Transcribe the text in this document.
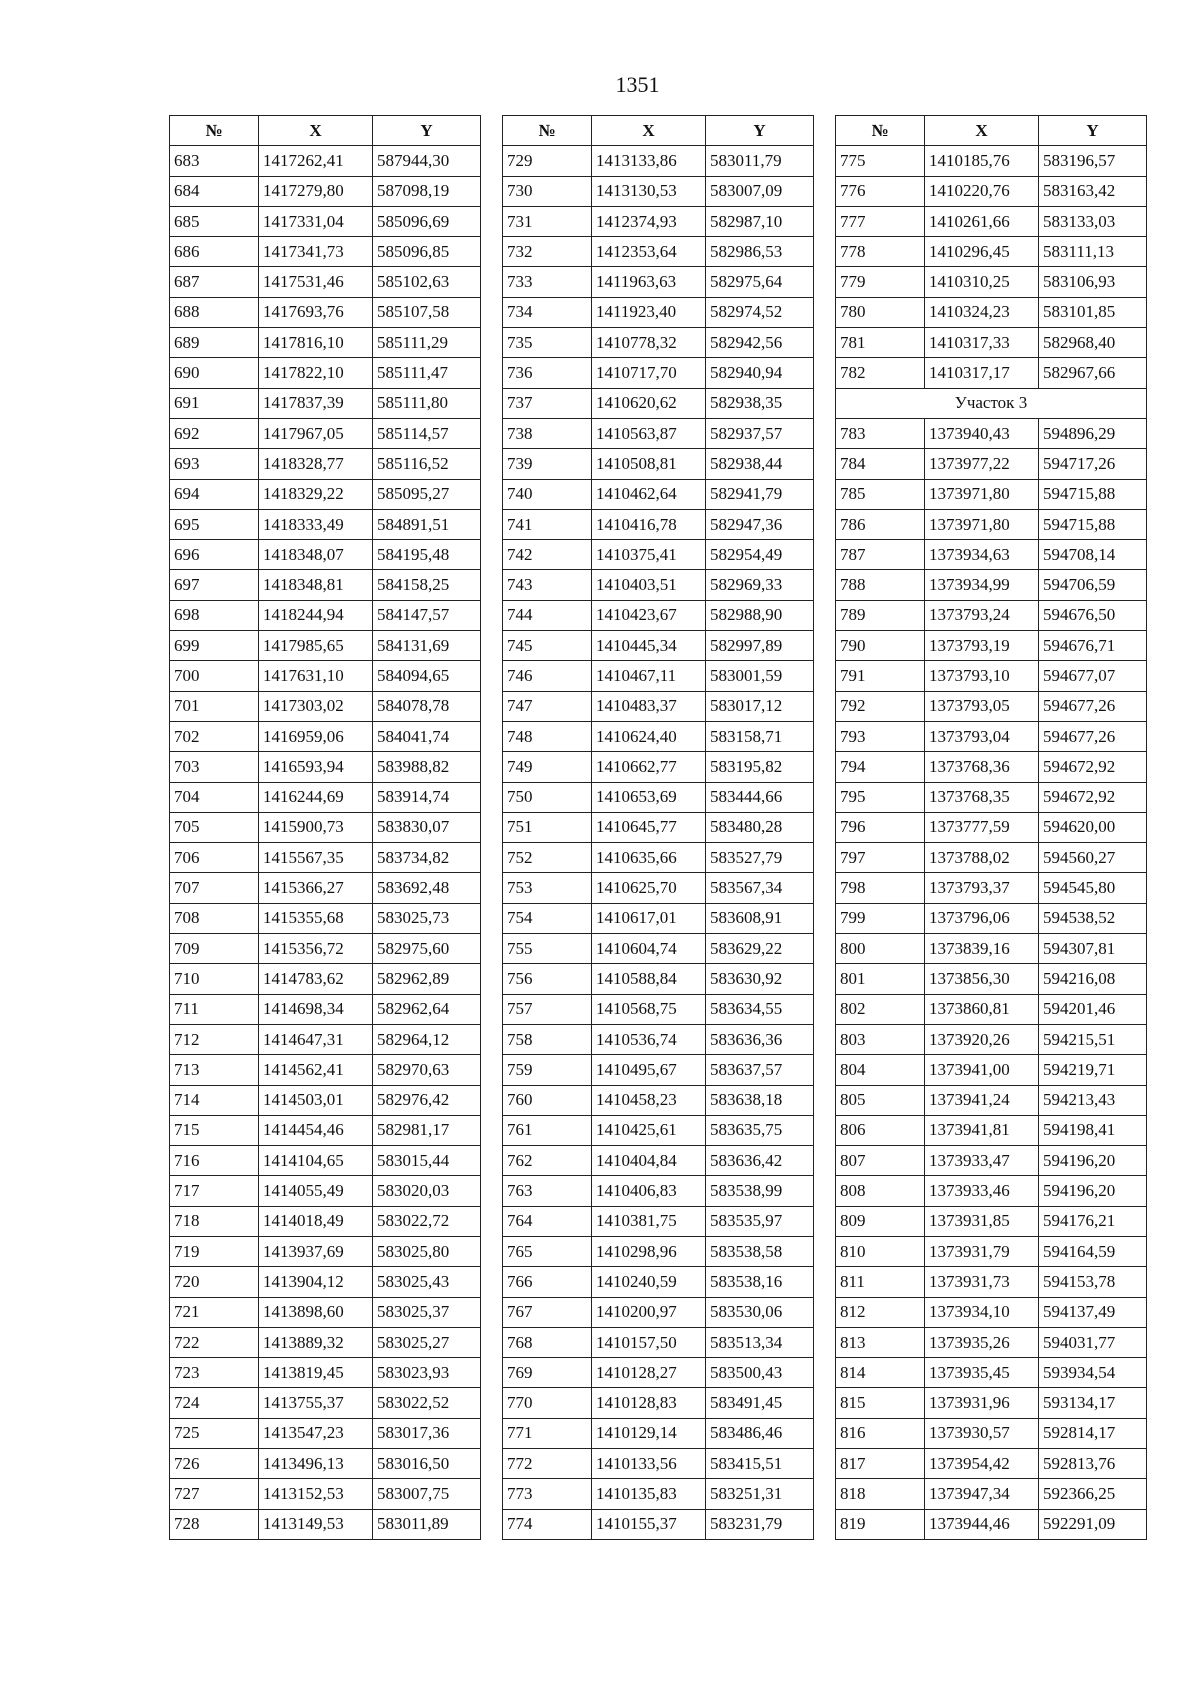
1351
№	X	Y
683	1417262,41	587944,30
684	1417279,80	587098,19
685	1417331,04	585096,69
686	1417341,73	585096,85
687	1417531,46	585102,63
688	1417693,76	585107,58
689	1417816,10	585111,29
690	1417822,10	585111,47
691	1417837,39	585111,80
692	1417967,05	585114,57
693	1418328,77	585116,52
694	1418329,22	585095,27
695	1418333,49	584891,51
696	1418348,07	584195,48
697	1418348,81	584158,25
698	1418244,94	584147,57
699	1417985,65	584131,69
700	1417631,10	584094,65
701	1417303,02	584078,78
702	1416959,06	584041,74
703	1416593,94	583988,82
704	1416244,69	583914,74
705	1415900,73	583830,07
706	1415567,35	583734,82
707	1415366,27	583692,48
708	1415355,68	583025,73
709	1415356,72	582975,60
710	1414783,62	582962,89
711	1414698,34	582962,64
712	1414647,31	582964,12
713	1414562,41	582970,63
714	1414503,01	582976,42
715	1414454,46	582981,17
716	1414104,65	583015,44
717	1414055,49	583020,03
718	1414018,49	583022,72
719	1413937,69	583025,80
720	1413904,12	583025,43
721	1413898,60	583025,37
722	1413889,32	583025,27
723	1413819,45	583023,93
724	1413755,37	583022,52
725	1413547,23	583017,36
726	1413496,13	583016,50
727	1413152,53	583007,75
728	1413149,53	583011,89
№	X	Y
729	1413133,86	583011,79
730	1413130,53	583007,09
731	1412374,93	582987,10
732	1412353,64	582986,53
733	1411963,63	582975,64
734	1411923,40	582974,52
735	1410778,32	582942,56
736	1410717,70	582940,94
737	1410620,62	582938,35
738	1410563,87	582937,57
739	1410508,81	582938,44
740	1410462,64	582941,79
741	1410416,78	582947,36
742	1410375,41	582954,49
743	1410403,51	582969,33
744	1410423,67	582988,90
745	1410445,34	582997,89
746	1410467,11	583001,59
747	1410483,37	583017,12
748	1410624,40	583158,71
749	1410662,77	583195,82
750	1410653,69	583444,66
751	1410645,77	583480,28
752	1410635,66	583527,79
753	1410625,70	583567,34
754	1410617,01	583608,91
755	1410604,74	583629,22
756	1410588,84	583630,92
757	1410568,75	583634,55
758	1410536,74	583636,36
759	1410495,67	583637,57
760	1410458,23	583638,18
761	1410425,61	583635,75
762	1410404,84	583636,42
763	1410406,83	583538,99
764	1410381,75	583535,97
765	1410298,96	583538,58
766	1410240,59	583538,16
767	1410200,97	583530,06
768	1410157,50	583513,34
769	1410128,27	583500,43
770	1410128,83	583491,45
771	1410129,14	583486,46
772	1410133,56	583415,51
773	1410135,83	583251,31
774	1410155,37	583231,79
№	X	Y
775	1410185,76	583196,57
776	1410220,76	583163,42
777	1410261,66	583133,03
778	1410296,45	583111,13
779	1410310,25	583106,93
780	1410324,23	583101,85
781	1410317,33	582968,40
782	1410317,17	582967,66
Участок 3		
783	1373940,43	594896,29
784	1373977,22	594717,26
785	1373971,80	594715,88
786	1373971,80	594715,88
787	1373934,63	594708,14
788	1373934,99	594706,59
789	1373793,24	594676,50
790	1373793,19	594676,71
791	1373793,10	594677,07
792	1373793,05	594677,26
793	1373793,04	594677,26
794	1373768,36	594672,92
795	1373768,35	594672,92
796	1373777,59	594620,00
797	1373788,02	594560,27
798	1373793,37	594545,80
799	1373796,06	594538,52
800	1373839,16	594307,81
801	1373856,30	594216,08
802	1373860,81	594201,46
803	1373920,26	594215,51
804	1373941,00	594219,71
805	1373941,24	594213,43
806	1373941,81	594198,41
807	1373933,47	594196,20
808	1373933,46	594196,20
809	1373931,85	594176,21
810	1373931,79	594164,59
811	1373931,73	594153,78
812	1373934,10	594137,49
813	1373935,26	594031,77
814	1373935,45	593934,54
815	1373931,96	593134,17
816	1373930,57	592814,17
817	1373954,42	592813,76
818	1373947,34	592366,25
819	1373944,46	592291,09
